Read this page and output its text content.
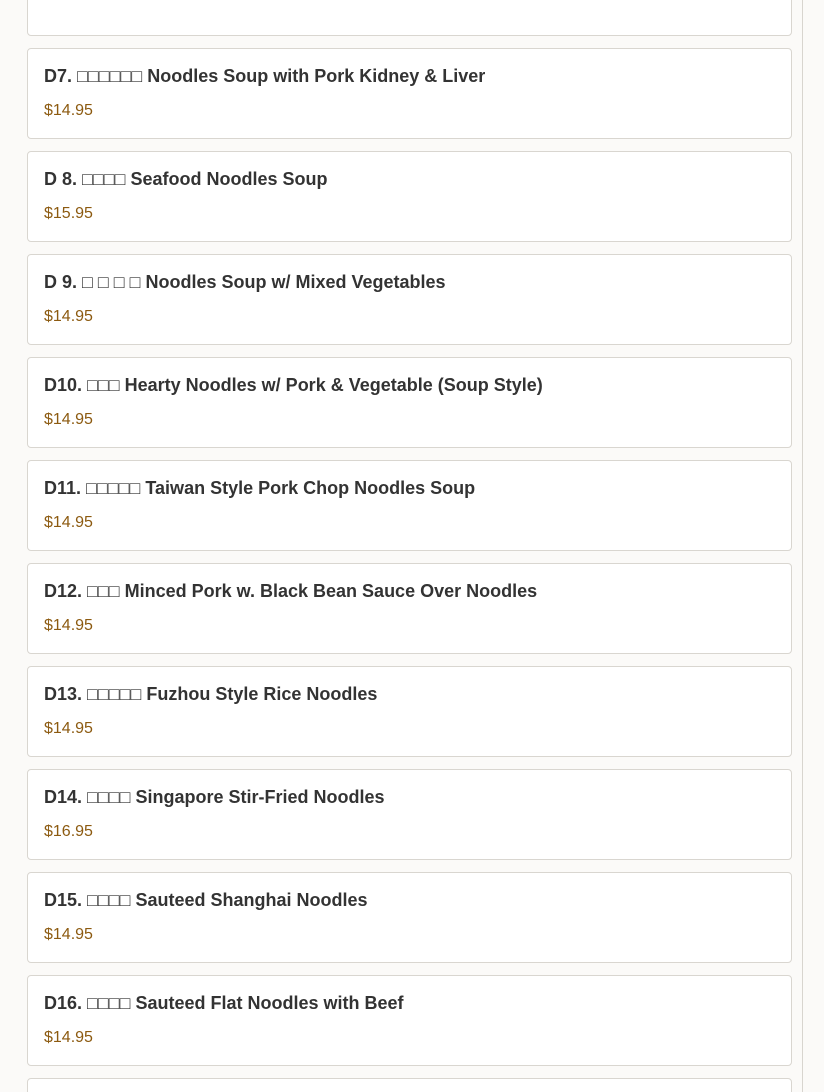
D7. □□□□□□ Noodles Soup with Pork Kidney & Liver
$14.95
D 8. □□□□ Seafood Noodles Soup
$15.95
D 9. □ □ □ □ Noodles Soup w/ Mixed Vegetables
$14.95
D10. □□□ Hearty Noodles w/ Pork & Vegetable (Soup Style)
$14.95
D11. □□□□□ Taiwan Style Pork Chop Noodles Soup
$14.95
D12. □□□ Minced Pork w. Black Bean Sauce Over Noodles
$14.95
D13. □□□□□ Fuzhou Style Rice Noodles
$14.95
D14. □□□□ Singapore Stir-Fried Noodles
$16.95
D15. □□□□ Sauteed Shanghai Noodles
$14.95
D16. □□□□ Sauteed Flat Noodles with Beef
$14.95
